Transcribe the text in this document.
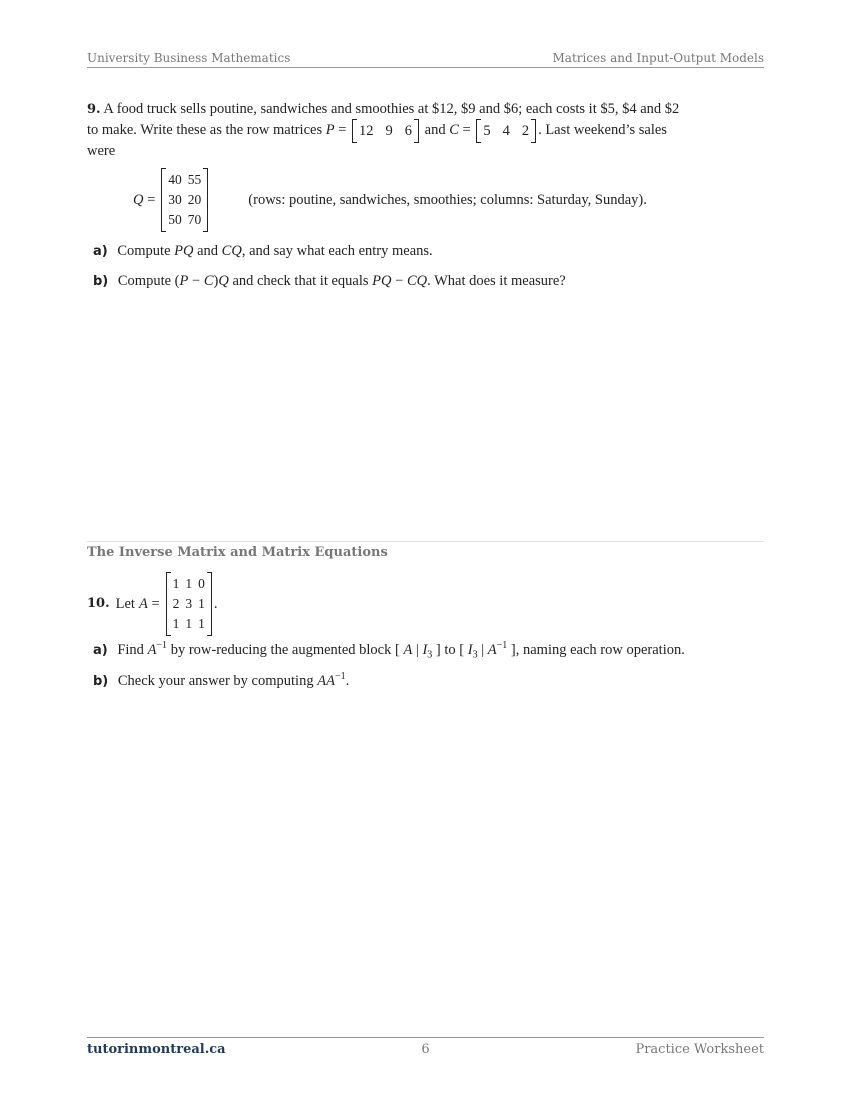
University Business Mathematics	Matrices and Input-Output Models
9. A food truck sells poutine, sandwiches and smoothies at $12, $9 and $6; each costs it $5, $4 and $2
to make. Write these as the row matrices P = 12 9 6 and C = 5 4 2 . Last weekend’s sales
were
Q =
40 55
30 20
50 70
(rows: poutine, sandwiches, smoothies; columns: Saturday, Sunday).
a) Compute PQ and CQ, and say what each entry means.
b) Compute (P − C)Q and check that it equals PQ − CQ. What does it measure?
The Inverse Matrix and Matrix Equations
10. Let A =
1 1 0
2 3 1
1 1 1
.
a) Find $A^{-1}$ by row-reducing the augmented block [ A | $I_3$ ] to [ $I_3$ | $A^{-1}$ ], naming each row operation.
b) Check your answer by computing $AA^{-1}$.
tutorinmontreal.ca	6	Practice Worksheet
